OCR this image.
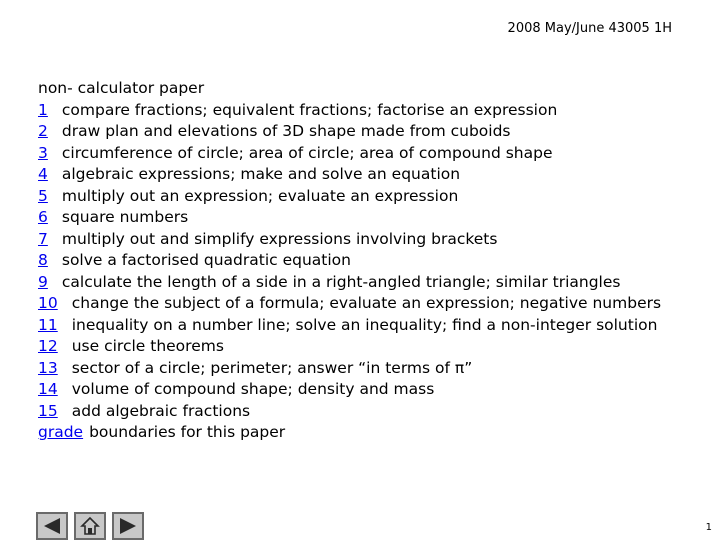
2008 May/June 43005 1H

non- calculator paper

1 compare fractions; equivalent fractions; factorise an expression

2 draw plan and elevations of 3D shape made from cuboids

3 circumference of circle; area of circle; area of compound shape

4 algebraic expressions; make and solve an equation

5 multiply out an expression; evaluate an expression

6 square numbers

7 multiply out and simplify expressions involving brackets

8 solve a factorised quadratic equation

9 calculate the length of a side in a right-angled triangle; similar triangles

10 change the subject of a formula; evaluate an expression; negative numbers

11 inequality on a number line; solve an inequality; find a non-integer solution

12 use circle theorems

13 sector of a circle; perimeter; answer “in terms of π”

14 volume of compound shape; density and mass

15 add algebraic fractions

grade boundaries for this paper

1
